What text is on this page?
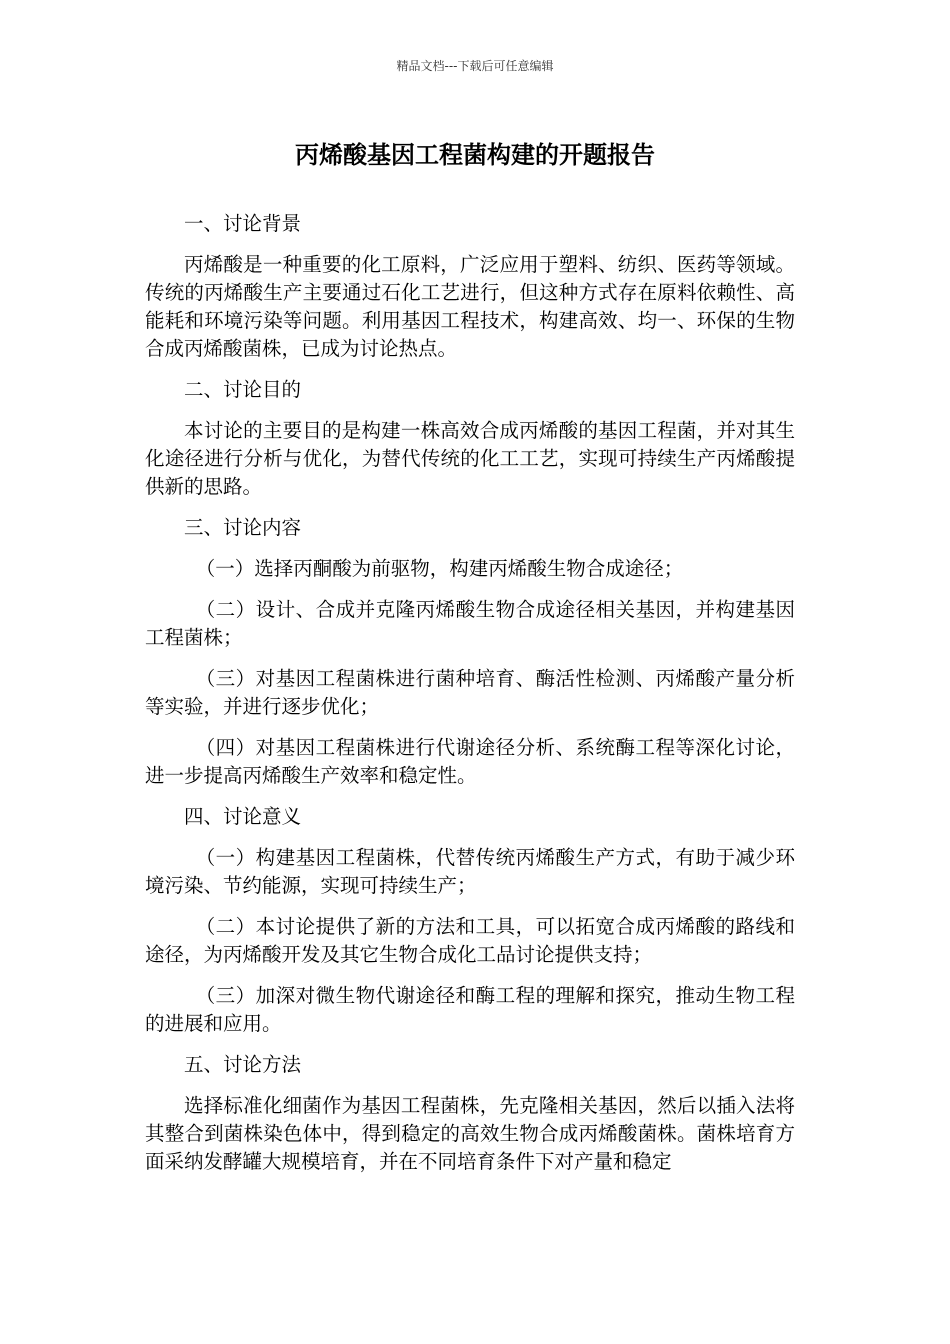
精品文档---下载后可任意编辑
丙烯酸基因工程菌构建的开题报告

一、讨论背景

丙烯酸是一种重要的化工原料，广泛应用于塑料、纺织、医药等领域。传统的丙烯酸生产主要通过石化工艺进行，但这种方式存在原料依赖性、高能耗和环境污染等问题。利用基因工程技术，构建高效、均一、环保的生物合成丙烯酸菌株，已成为讨论热点。

二、讨论目的

本讨论的主要目的是构建一株高效合成丙烯酸的基因工程菌，并对其生化途径进行分析与优化，为替代传统的化工工艺，实现可持续生产丙烯酸提供新的思路。

三、讨论内容

（一）选择丙酮酸为前驱物，构建丙烯酸生物合成途径；

（二）设计、合成并克隆丙烯酸生物合成途径相关基因，并构建基因工程菌株；

（三）对基因工程菌株进行菌种培育、酶活性检测、丙烯酸产量分析等实验，并进行逐步优化；

（四）对基因工程菌株进行代谢途径分析、系统酶工程等深化讨论，进一步提高丙烯酸生产效率和稳定性。

四、讨论意义

（一）构建基因工程菌株，代替传统丙烯酸生产方式，有助于减少环境污染、节约能源，实现可持续生产；

（二）本讨论提供了新的方法和工具，可以拓宽合成丙烯酸的路线和途径，为丙烯酸开发及其它生物合成化工品讨论提供支持；

（三）加深对微生物代谢途径和酶工程的理解和探究，推动生物工程的进展和应用。

五、讨论方法

选择标准化细菌作为基因工程菌株，先克隆相关基因，然后以插入法将其整合到菌株染色体中，得到稳定的高效生物合成丙烯酸菌株。菌株培育方面采纳发酵罐大规模培育，并在不同培育条件下对产量和稳定
